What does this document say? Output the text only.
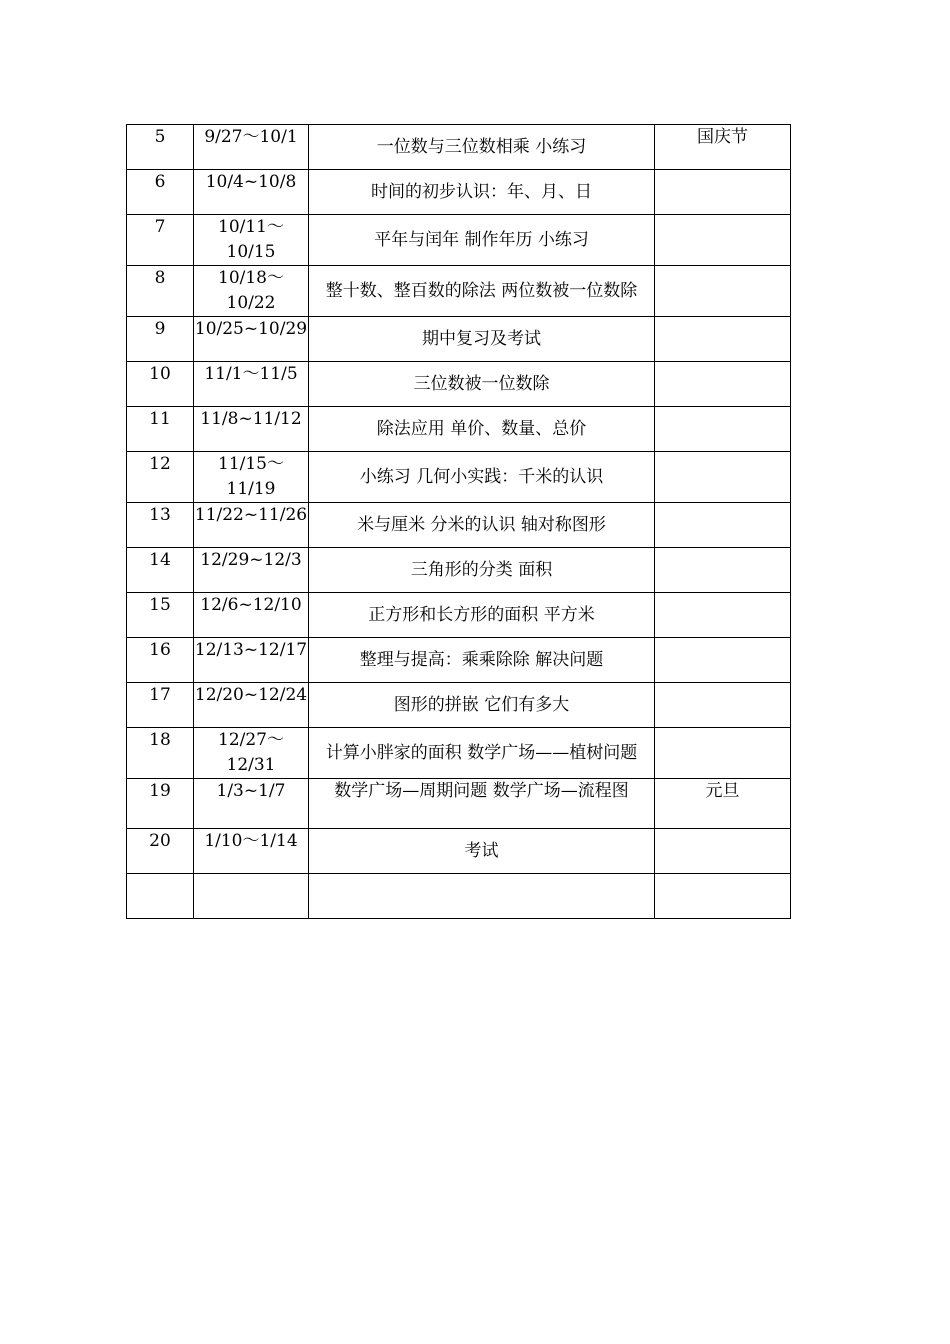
5	9/27～10/1	一位数与三位数相乘 小练习	国庆节
6	10/4~10/8	时间的初步认识：年、月、日	
7	10/11～10/15	平年与闰年 制作年历 小练习	
8	10/18～10/22	整十数、整百数的除法 两位数被一位数除	
9	10/25~10/29	期中复习及考试	
10	11/1～11/5	三位数被一位数除	
11	11/8~11/12	除法应用 单价、数量、总价	
12	11/15～11/19	小练习 几何小实践：千米的认识	
13	11/22~11/26	米与厘米 分米的认识 轴对称图形	
14	12/29~12/3	三角形的分类 面积	
15	12/6~12/10	正方形和长方形的面积 平方米	
16	12/13~12/17	整理与提高：乘乘除除 解决问题	
17	12/20~12/24	图形的拼嵌 它们有多大	
18	12/27～12/31	计算小胖家的面积 数学广场——植树问题	
19	1/3~1/7	数学广场—周期问题 数学广场—流程图	元旦
20	1/10～1/14	考试	
